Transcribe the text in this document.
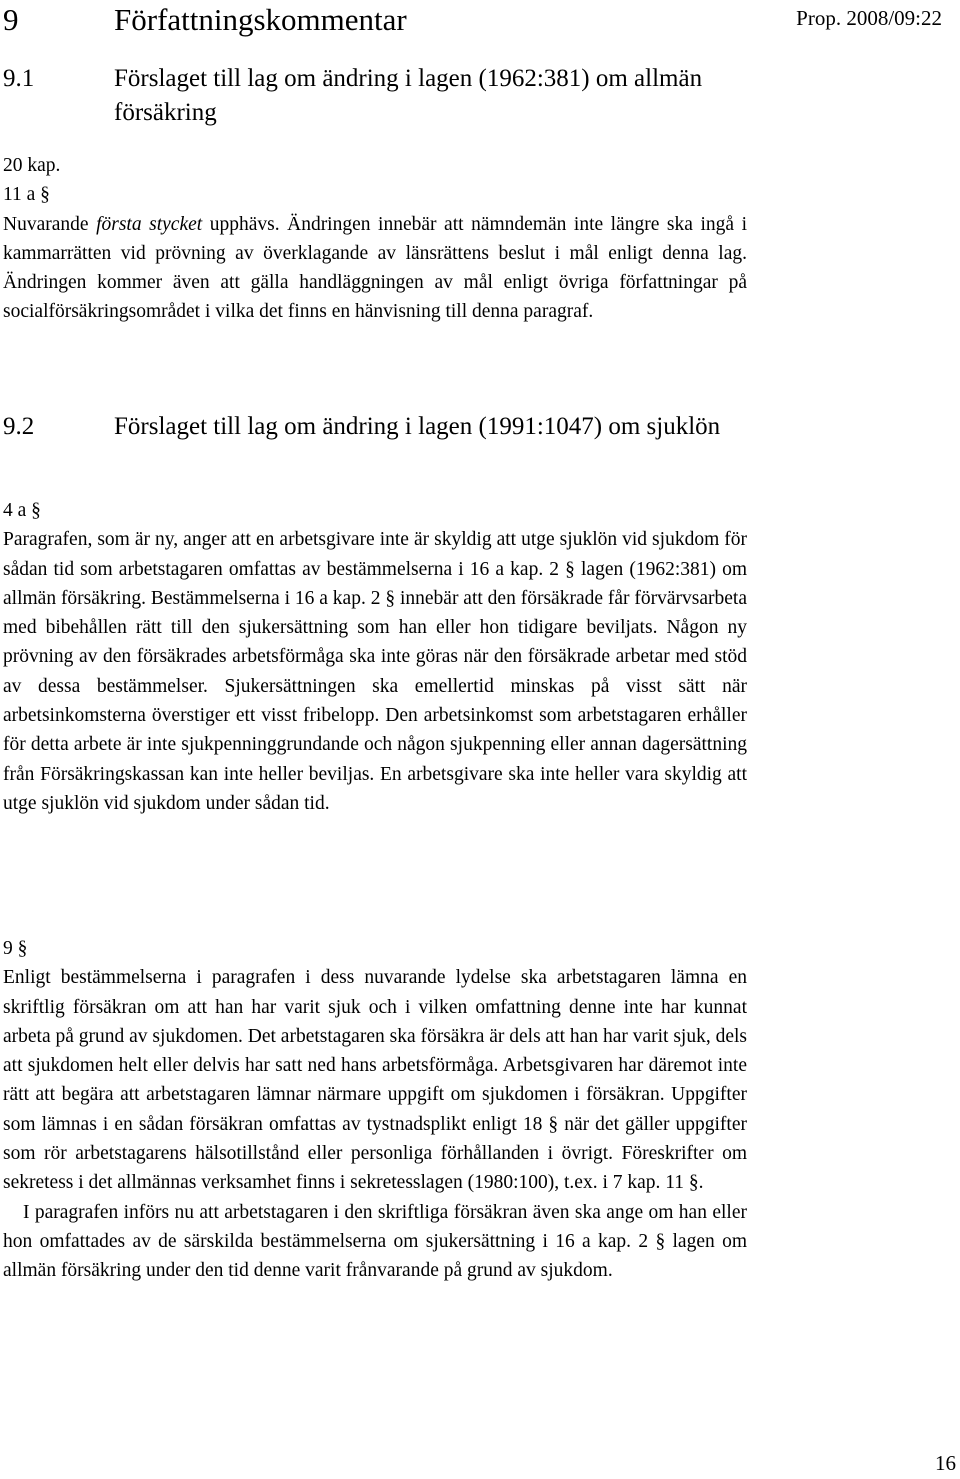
Prop. 2008/09:22
9	Författningskommentar
9.1	Förslaget till lag om ändring i lagen (1962:381) om allmän försäkring
20 kap.
11 a §

Nuvarande första stycket upphävs. Ändringen innebär att nämndemän inte längre ska ingå i kammarrätten vid prövning av överklagande av länsrättens beslut i mål enligt denna lag. Ändringen kommer även att gälla handläggningen av mål enligt övriga författningar på socialförsäkringsområdet i vilka det finns en hänvisning till denna paragraf.

9.2	Förslaget till lag om ändring i lagen (1991:1047) om sjuklön
4 a §

Paragrafen, som är ny, anger att en arbetsgivare inte är skyldig att utge sjuklön vid sjukdom för sådan tid som arbetstagaren omfattas av bestämmelserna i 16 a kap. 2 § lagen (1962:381) om allmän försäkring. Bestämmelserna i 16 a kap. 2 § innebär att den försäkrade får förvärvsarbeta med bibehållen rätt till den sjukersättning som han eller hon tidigare beviljats. Någon ny prövning av den försäkrades arbetsförmåga ska inte göras när den försäkrade arbetar med stöd av dessa bestämmelser. Sjukersättningen ska emellertid minskas på visst sätt när arbetsinkomsterna överstiger ett visst fribelopp. Den arbetsinkomst som arbetstagaren erhåller för detta arbete är inte sjukpenninggrundande och någon sjukpenning eller annan dagersättning från Försäkringskassan kan inte heller beviljas. En arbetsgivare ska inte heller vara skyldig att utge sjuklön vid sjukdom under sådan tid.

9 §

Enligt bestämmelserna i paragrafen i dess nuvarande lydelse ska arbetstagaren lämna en skriftlig försäkran om att han har varit sjuk och i vilken omfattning denne inte har kunnat arbeta på grund av sjukdomen. Det arbetstagaren ska försäkra är dels att han har varit sjuk, dels att sjukdomen helt eller delvis har satt ned hans arbetsförmåga. Arbetsgivaren har däremot inte rätt att begära att arbetstagaren lämnar närmare uppgift om sjukdomen i försäkran. Uppgifter som lämnas i en sådan försäkran omfattas av tystnadsplikt enligt 18 § när det gäller uppgifter som rör arbetstagarens hälsotillstånd eller personliga förhållanden i övrigt. Föreskrifter om sekretess i det allmännas verksamhet finns i sekretesslagen (1980:100), t.ex. i 7 kap. 11 §.

I paragrafen införs nu att arbetstagaren i den skriftliga försäkran även ska ange om han eller hon omfattades av de särskilda bestämmelserna om sjukersättning i 16 a kap. 2 § lagen om allmän försäkring under den tid denne varit frånvarande på grund av sjukdom.

16
